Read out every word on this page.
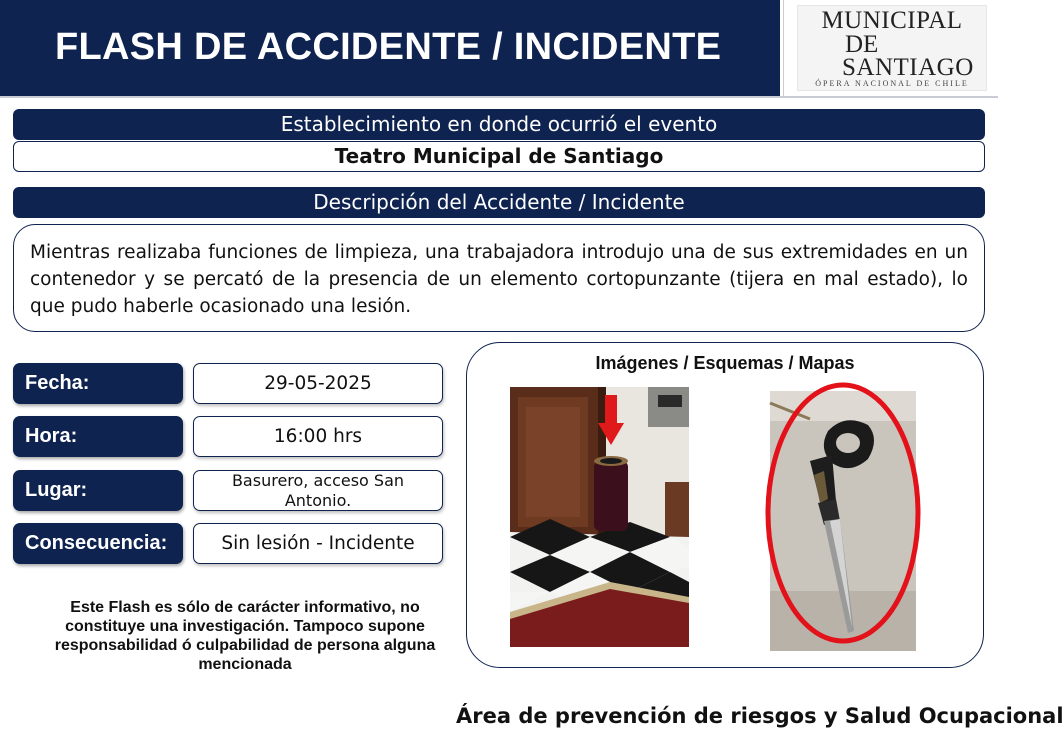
FLASH DE ACCIDENTE / INCIDENTE
MUNICIPAL
DE
SANTIAGO
ÓPERA NACIONAL DE CHILE
Establecimiento en donde ocurrió el evento
Teatro Municipal de Santiago
Descripción del Accidente / Incidente
Mientras realizaba funciones de limpieza, una trabajadora introdujo una de sus extremidades en un contenedor y se percató de la presencia de un elemento cortopunzante (tijera en mal estado), lo que pudo haberle ocasionado una lesión.
Fecha:	29-05-2025
Hora:	16:00 hrs
Lugar:	Basurero, acceso San Antonio.
Consecuencia:	Sin lesión - Incidente
Este Flash es sólo de carácter informativo, no constituye una investigación. Tampoco supone responsabilidad ó culpabilidad de persona alguna mencionada
Imágenes / Esquemas / Mapas
Área de prevención de riesgos y Salud Ocupacional
